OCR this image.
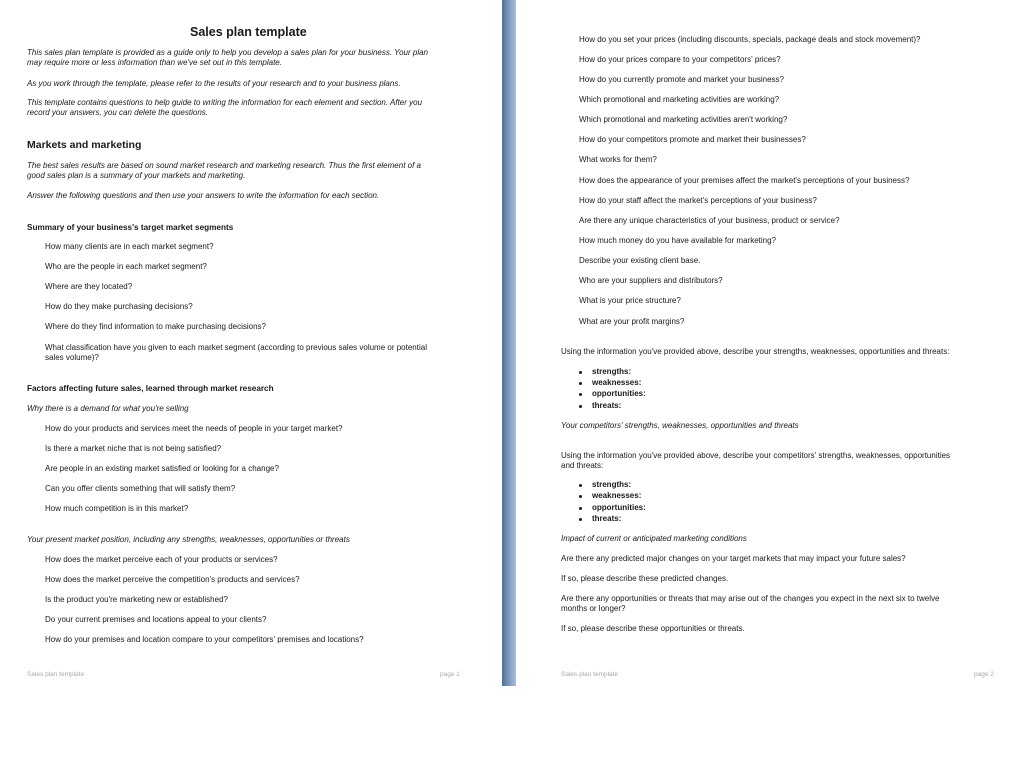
Sales plan template
This sales plan template is provided as a guide only to help you develop a sales plan for your business. Your plan
may require more or less information than we've set out in this template.
As you work through the template, please refer to the results of your research and to your business plans.
This template contains questions to help guide to writing the information for each element and section. After you
record your answers, you can delete the questions.
Markets and marketing
The best sales results are based on sound market research and marketing research. Thus the first element of a
good sales plan is a summary of your markets and marketing.
Answer the following questions and then use your answers to write the information for each section.
Summary of your business's target market segments
How many clients are in each market segment?
Who are the people in each market segment?
Where are they located?
How do they make purchasing decisions?
Where do they find information to make purchasing decisions?
What classification have you given to each market segment (according to previous sales volume or potential
sales volume)?
Factors affecting future sales, learned through market research
Why there is a demand for what you're selling
How do your products and services meet the needs of people in your target market?
Is there a market niche that is not being satisfied?
Are people in an existing market satisfied or looking for a change?
Can you offer clients something that will satisfy them?
How much competition is in this market?
Your present market position, including any strengths, weaknesses, opportunities or threats
How does the market perceive each of your products or services?
How does the market perceive the competition's products and services?
Is the product you're marketing new or established?
Do your current premises and locations appeal to your clients?
How do your premises and location compare to your competitors' premises and locations?
Sales plan template	page 1
How do you set your prices (including discounts, specials, package deals and stock movement)?
How do your prices compare to your competitors' prices?
How do you currently promote and market your business?
Which promotional and marketing activities are working?
Which promotional and marketing activities aren't working?
How do your competitors promote and market their businesses?
What works for them?
How does the appearance of your premises affect the market's perceptions of your business?
How do your staff affect the market's perceptions of your business?
Are there any unique characteristics of your business, product or service?
How much money do you have available for marketing?
Describe your existing client base.
Who are your suppliers and distributors?
What is your price structure?
What are your profit margins?
Using the information you've provided above, describe your strengths, weaknesses, opportunities and threats:
strengths:
weaknesses:
opportunities:
threats:
Your competitors' strengths, weaknesses, opportunities and threats
Using the information you've provided above, describe your competitors' strengths, weaknesses, opportunities
and threats:
strengths:
weaknesses:
opportunities:
threats:
Impact of current or anticipated marketing conditions
Are there any predicted major changes on your target markets that may impact your future sales?
If so, please describe these predicted changes.
Are there any opportunities or threats that may arise out of the changes you expect in the next six to twelve
months or longer?
If so, please describe these opportunities or threats.
Sales plan template	page 2
